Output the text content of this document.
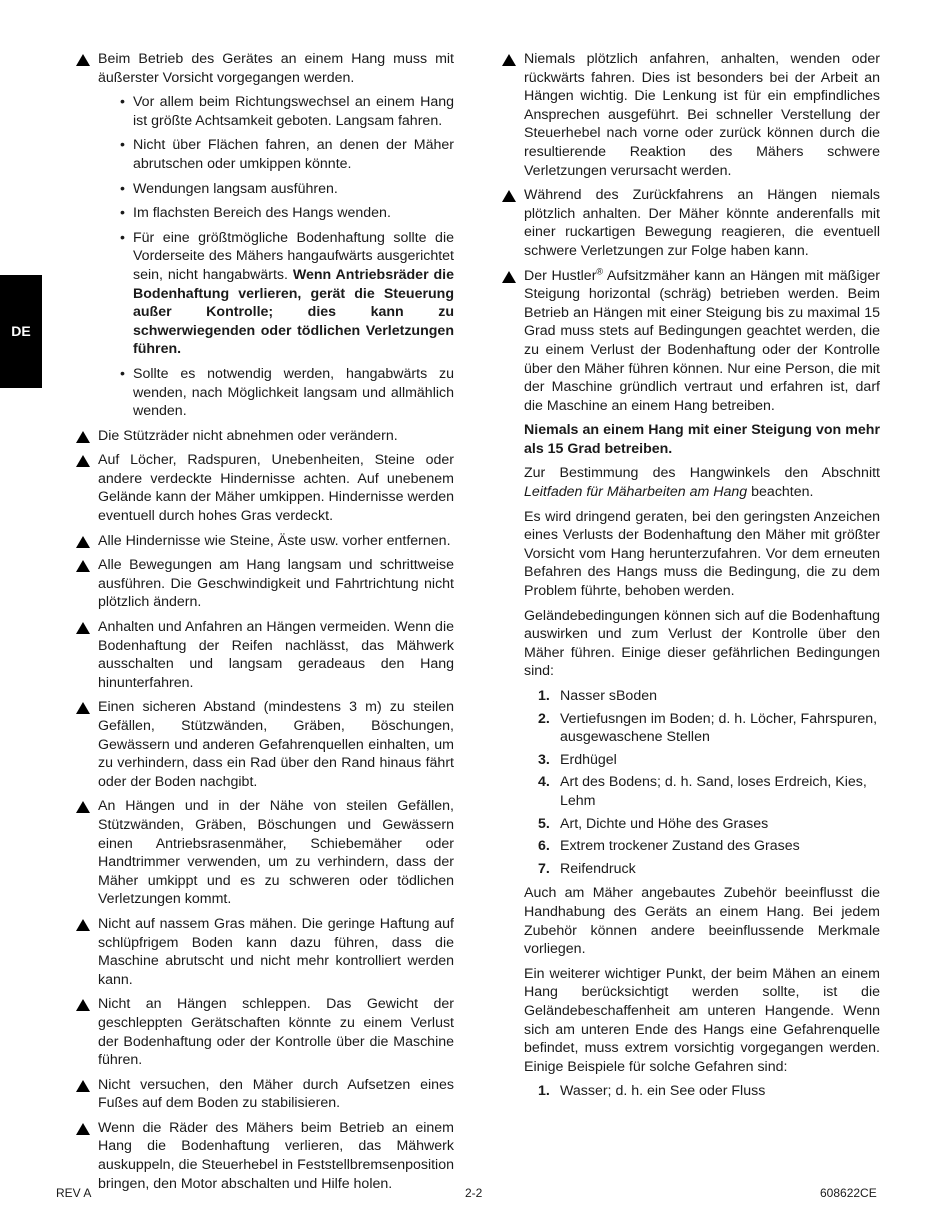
DE
Beim Betrieb des Gerätes an einem Hang muss mit äußerster Vorsicht vorgegangen werden.
• Vor allem beim Richtungswechsel an einem Hang ist größte Achtsamkeit geboten. Langsam fahren.
• Nicht über Flächen fahren, an denen der Mäher abrutschen oder umkippen könnte.
• Wendungen langsam ausführen.
• Im flachsten Bereich des Hangs wenden.
• Für eine größtmögliche Bodenhaftung sollte die Vorderseite des Mähers hangaufwärts ausgerichtet sein, nicht hangabwärts. Wenn Antriebsräder die Bodenhaftung verlieren, gerät die Steuerung außer Kontrolle; dies kann zu schwerwiegenden oder tödlichen Verletzungen führen.
• Sollte es notwendig werden, hangabwärts zu wenden, nach Möglichkeit langsam und allmählich wenden.
Die Stützräder nicht abnehmen oder verändern.
Auf Löcher, Radspuren, Unebenheiten, Steine oder andere verdeckte Hindernisse achten. Auf unebenem Gelände kann der Mäher umkippen. Hindernisse werden eventuell durch hohes Gras verdeckt.
Alle Hindernisse wie Steine, Äste usw. vorher entfernen.
Alle Bewegungen am Hang langsam und schrittweise ausführen. Die Geschwindigkeit und Fahrtrichtung nicht plötzlich ändern.
Anhalten und Anfahren an Hängen vermeiden. Wenn die Bodenhaftung der Reifen nachlässt, das Mähwerk ausschalten und langsam geradeaus den Hang hinunterfahren.
Einen sicheren Abstand (mindestens 3 m) zu steilen Gefällen, Stützwänden, Gräben, Böschungen, Gewässern und anderen Gefahrenquellen einhalten, um zu verhindern, dass ein Rad über den Rand hinaus fährt oder der Boden nachgibt.
An Hängen und in der Nähe von steilen Gefällen, Stützwänden, Gräben, Böschungen und Gewässern einen Antriebsrasenmäher, Schiebemäher oder Handtrimmer verwenden, um zu verhindern, dass der Mäher umkippt und es zu schweren oder tödlichen Verletzungen kommt.
Nicht auf nassem Gras mähen. Die geringe Haftung auf schlüpfrigem Boden kann dazu führen, dass die Maschine abrutscht und nicht mehr kontrolliert werden kann.
Nicht an Hängen schleppen. Das Gewicht der geschleppten Gerätschaften könnte zu einem Verlust der Bodenhaftung oder der Kontrolle über die Maschine führen.
Nicht versuchen, den Mäher durch Aufsetzen eines Fußes auf dem Boden zu stabilisieren.
Wenn die Räder des Mähers beim Betrieb an einem Hang die Bodenhaftung verlieren, das Mähwerk auskuppeln, die Steuerhebel in Feststellbremsenposition bringen, den Motor abschalten und Hilfe holen.
Niemals plötzlich anfahren, anhalten, wenden oder rückwärts fahren. Dies ist besonders bei der Arbeit an Hängen wichtig. Die Lenkung ist für ein empfindliches Ansprechen ausgeführt. Bei schneller Verstellung der Steuerhebel nach vorne oder zurück können durch die resultierende Reaktion des Mähers schwere Verletzungen verursacht werden.
Während des Zurückfahrens an Hängen niemals plötzlich anhalten. Der Mäher könnte anderenfalls mit einer ruckartigen Bewegung reagieren, die eventuell schwere Verletzungen zur Folge haben kann.
Der Hustler® Aufsitzmäher kann an Hängen mit mäßiger Steigung horizontal (schräg) betrieben werden. Beim Betrieb an Hängen mit einer Steigung bis zu maximal 15 Grad muss stets auf Bedingungen geachtet werden, die zu einem Verlust der Bodenhaftung oder der Kontrolle über den Mäher führen können. Nur eine Person, die mit der Maschine gründlich vertraut und erfahren ist, darf die Maschine an einem Hang betreiben.

Niemals an einem Hang mit einer Steigung von mehr als 15 Grad betreiben.

Zur Bestimmung des Hangwinkels den Abschnitt Leitfaden für Mäharbeiten am Hang beachten.

Es wird dringend geraten, bei den geringsten Anzeichen eines Verlusts der Bodenhaftung den Mäher mit größter Vorsicht vom Hang herunterzufahren. Vor dem erneuten Befahren des Hangs muss die Bedingung, die zu dem Problem führte, behoben werden.

Geländebedingungen können sich auf die Bodenhaftung auswirken und zum Verlust der Kontrolle über den Mäher führen. Einige dieser gefährlichen Bedingungen sind:

1. Nasser sBoden
2. Vertiefusngen im Boden; d. h. Löcher, Fahrspuren, ausgewaschene Stellen
3. Erdhügel
4. Art des Bodens; d. h. Sand, loses Erdreich, Kies, Lehm
5. Art, Dichte und Höhe des Grases
6. Extrem trockener Zustand des Grases
7. Reifendruck

Auch am Mäher angebautes Zubehör beeinflusst die Handhabung des Geräts an einem Hang. Bei jedem Zubehör können andere beeinflussende Merkmale vorliegen.

Ein weiterer wichtiger Punkt, der beim Mähen an einem Hang berücksichtigt werden sollte, ist die Geländebeschaffenheit am unteren Hangende. Wenn sich am unteren Ende des Hangs eine Gefahrenquelle befindet, muss extrem vorsichtig vorgegangen werden. Einige Beispiele für solche Gefahren sind:

1. Wasser; d. h. ein See oder Fluss
REV A	2-2	608622CE
